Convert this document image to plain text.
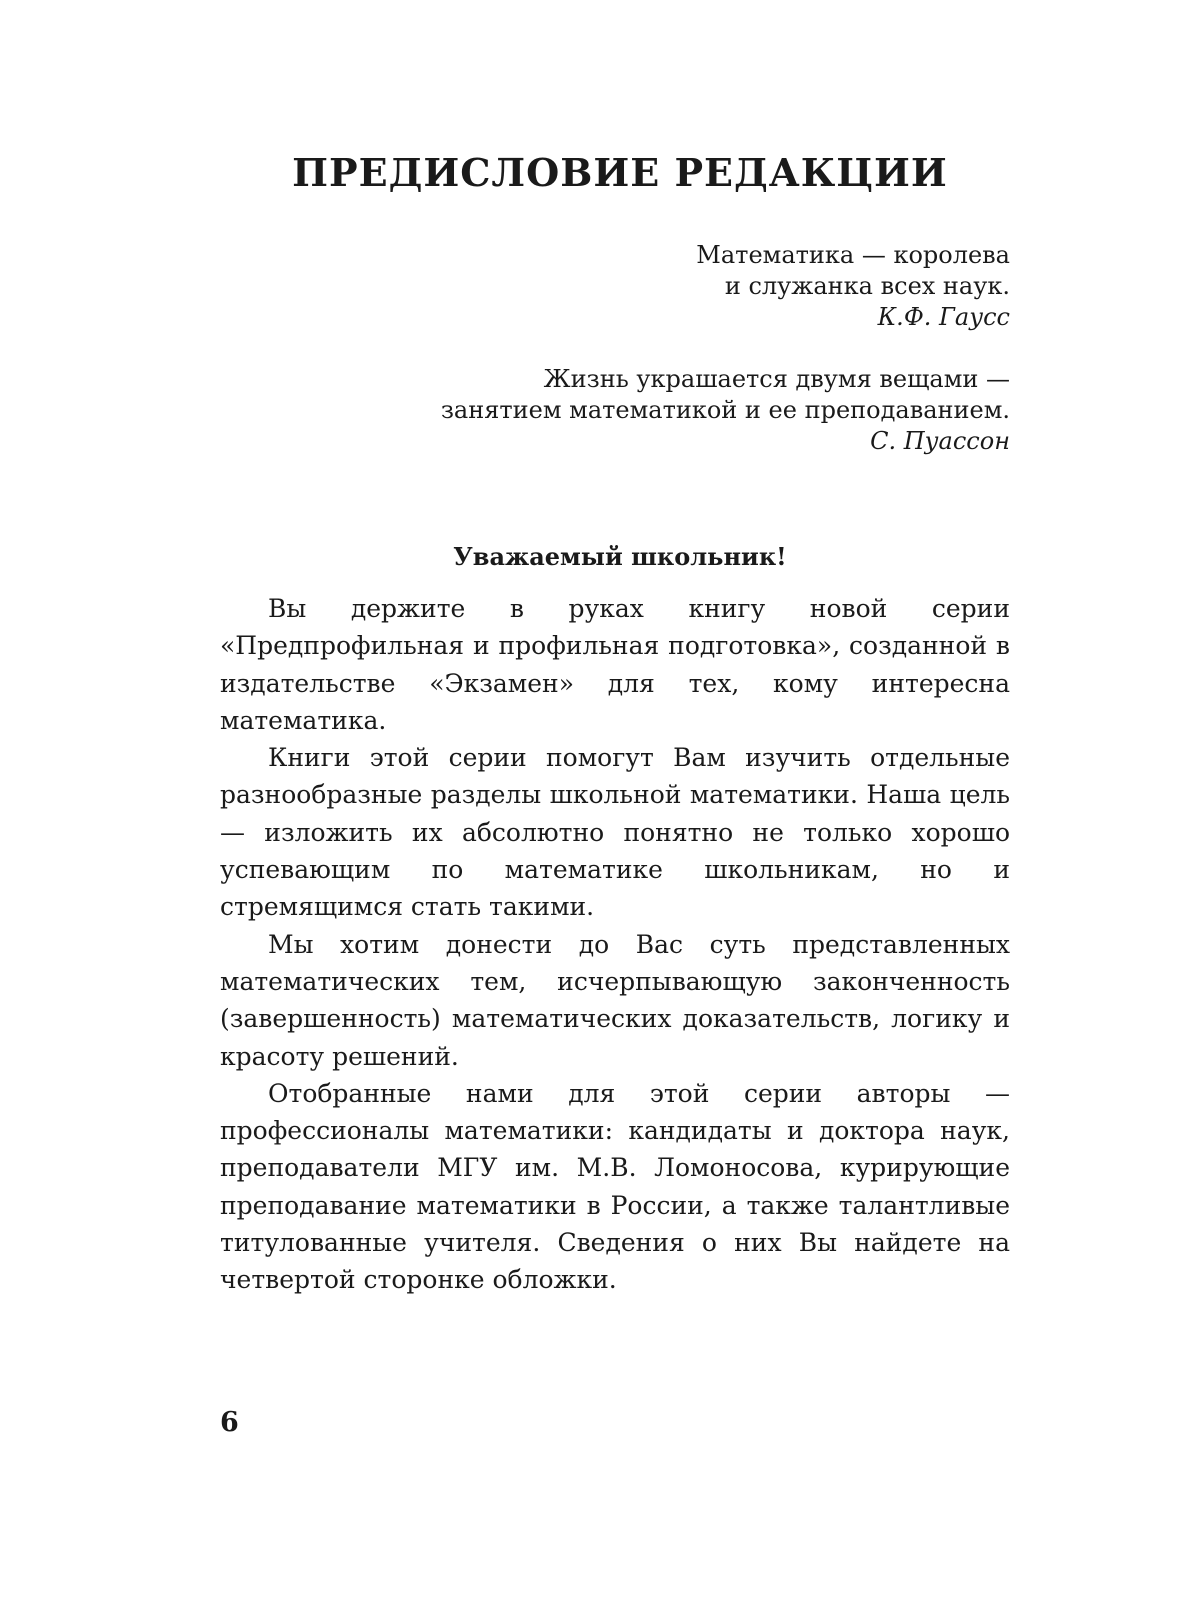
ПРЕДИСЛОВИЕ РЕДАКЦИИ
Математика — королева
и служанка всех наук.
К.Ф. Гаусс
Жизнь украшается двумя вещами —
занятием математикой и ее преподаванием.
С. Пуассон
Уважаемый школьник!

Вы держите в руках книгу новой серии «Предпрофильная и профильная подготовка», созданной в издательстве «Экзамен» для тех, кому интересна математика.

Книги этой серии помогут Вам изучить отдельные разнообразные разделы школьной математики. Наша цель — изложить их абсолютно понятно не только хорошо успевающим по математике школьникам, но и стремящимся стать такими.

Мы хотим донести до Вас суть представленных математических тем, исчерпывающую законченность (завершенность) математических доказательств, логику и красоту решений.

Отобранные нами для этой серии авторы — профессионалы математики: кандидаты и доктора наук, преподаватели МГУ им. М.В. Ломоносова, курирующие преподавание математики в России, а также талантливые титулованные учителя. Сведения о них Вы найдете на четвертой сторонке обложки.

6
